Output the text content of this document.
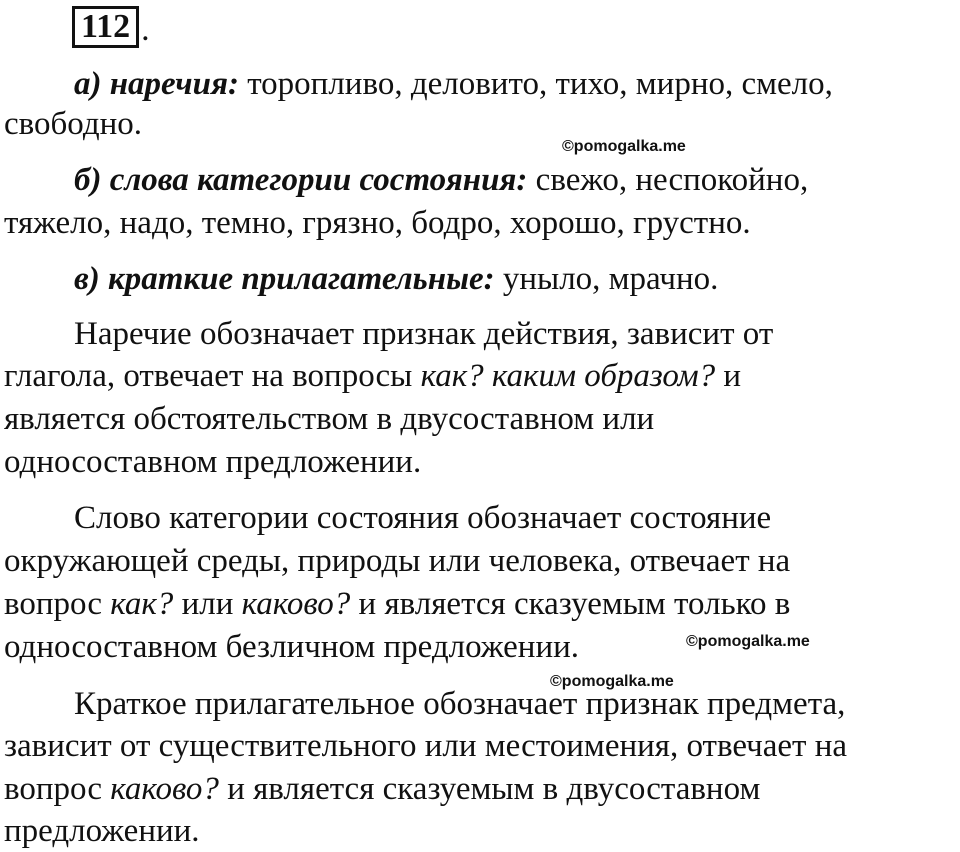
112 .
а) наречия: торопливо, деловито, тихо, мирно, смело,
свободно.
©pomogalka.me
б) слова категории состояния: свежо, неспокойно,
тяжело, надо, темно, грязно, бодро, хорошо, грустно.
в) краткие прилагательные: уныло, мрачно.
Наречие обозначает признак действия, зависит от
глагола, отвечает на вопросы как? каким образом? и
является обстоятельством в двусоставном или
односоставном предложении.
Слово категории состояния обозначает состояние
окружающей среды, природы или человека, отвечает на
вопрос как? или каково? и является сказуемым только в
односоставном безличном предложении.	©pomogalka.me
©pomogalka.me
Краткое прилагательное обозначает признак предмета,
зависит от существительного или местоимения, отвечает на
вопрос каково? и является сказуемым в двусоставном
предложении.
